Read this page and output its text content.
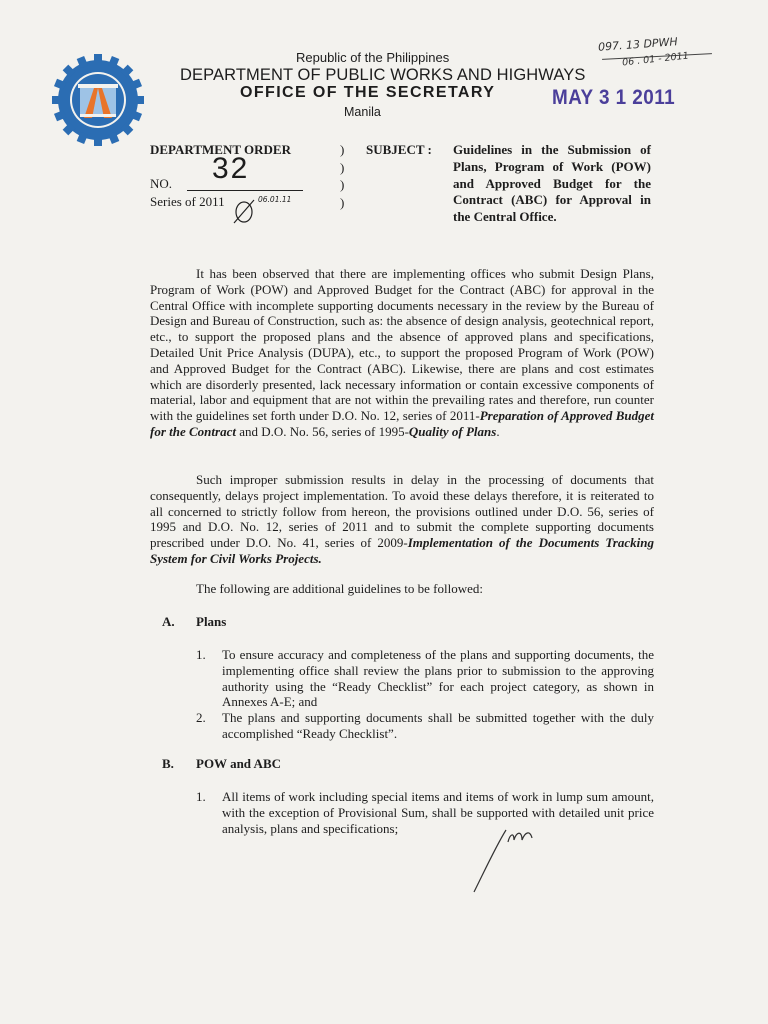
Republic of the Philippines
DEPARTMENT OF PUBLIC WORKS AND HIGHWAYS
OFFICE OF THE SECRETARY
Manila
097. 13 DPWH
06 . 01 - 2011
MAY 3 1 2011
DEPARTMENT ORDER
32
NO.
Series of 2011	06.01.11
)
)
)
)
SUBJECT : Guidelines in the Submission of Plans, Program of Work (POW) and Approved Budget for the Contract (ABC) for Approval in the Central Office.
It has been observed that there are implementing offices who submit Design Plans, Program of Work (POW) and Approved Budget for the Contract (ABC) for approval in the Central Office with incomplete supporting documents necessary in the review by the Bureau of Design and Bureau of Construction, such as: the absence of design analysis, geotechnical report, etc., to support the proposed plans and the absence of approved plans and specifications, Detailed Unit Price Analysis (DUPA), etc., to support the proposed Program of Work (POW) and Approved Budget for the Contract (ABC). Likewise, there are plans and cost estimates which are disorderly presented, lack necessary information or contain excessive components of material, labor and equipment that are not within the prevailing rates and therefore, run counter with the guidelines set forth under D.O. No. 12, series of 2011-Preparation of Approved Budget for the Contract and D.O. No. 56, series of 1995-Quality of Plans.
Such improper submission results in delay in the processing of documents that consequently, delays project implementation. To avoid these delays therefore, it is reiterated to all concerned to strictly follow from hereon, the provisions outlined under D.O. 56, series of 1995 and D.O. No. 12, series of 2011 and to submit the complete supporting documents prescribed under D.O. No. 41, series of 2009-Implementation of the Documents Tracking System for Civil Works Projects.
The following are additional guidelines to be followed:
A. Plans
1. To ensure accuracy and completeness of the plans and supporting documents, the implementing office shall review the plans prior to submission to the approving authority using the “Ready Checklist” for each project category, as shown in Annexes A-E; and
2. The plans and supporting documents shall be submitted together with the duly accomplished “Ready Checklist”.
B. POW and ABC
1. All items of work including special items and items of work in lump sum amount, with the exception of Provisional Sum, shall be supported with detailed unit price analysis, plans and specifications;
